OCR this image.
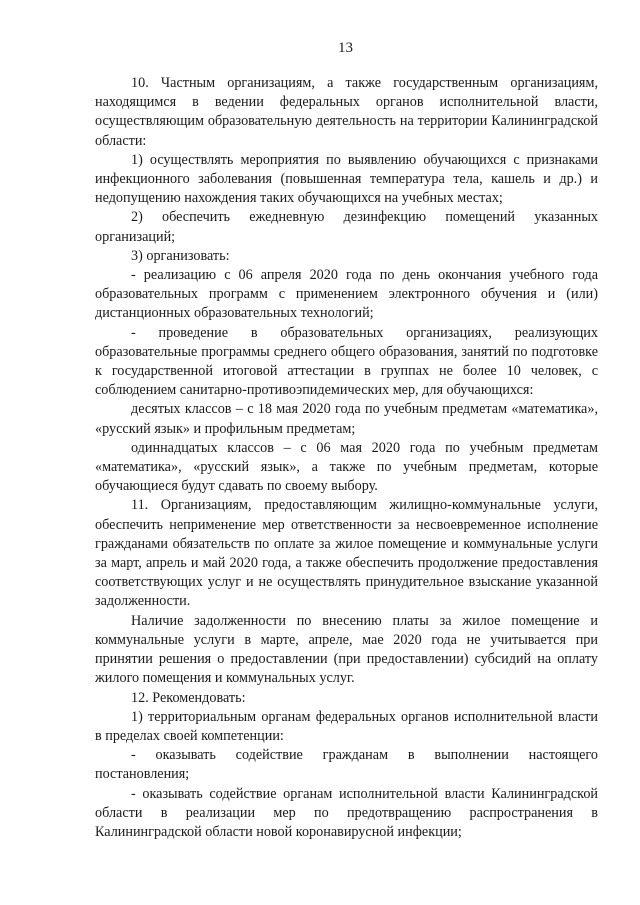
13

10. Частным организациям, а также государственным организациям, находящимся в ведении федеральных органов исполнительной власти, осуществляющим образовательную деятельность на территории Калининградской области:

1) осуществлять мероприятия по выявлению обучающихся с признаками инфекционного заболевания (повышенная температура тела, кашель и др.) и недопущению нахождения таких обучающихся на учебных местах;

2) обеспечить ежедневную дезинфекцию помещений указанных организаций;

3) организовать:

- реализацию с 06 апреля 2020 года по день окончания учебного года образовательных программ с применением электронного обучения и (или) дистанционных образовательных технологий;

- проведение в образовательных организациях, реализующих образовательные программы среднего общего образования, занятий по подготовке к государственной итоговой аттестации в группах не более 10 человек, с соблюдением санитарно-противоэпидемических мер, для обучающихся:

десятых классов – с 18 мая 2020 года по учебным предметам «математика», «русский язык» и профильным предметам;

одиннадцатых классов – с 06 мая 2020 года по учебным предметам «математика», «русский язык», а также по учебным предметам, которые обучающиеся будут сдавать по своему выбору.

11. Организациям, предоставляющим жилищно-коммунальные услуги, обеспечить неприменение мер ответственности за несвоевременное исполнение гражданами обязательств по оплате за жилое помещение и коммунальные услуги за март, апрель и май 2020 года, а также обеспечить продолжение предоставления соответствующих услуг и не осуществлять принудительное взыскание указанной задолженности.

Наличие задолженности по внесению платы за жилое помещение и коммунальные услуги в марте, апреле, мае 2020 года не учитывается при принятии решения о предоставлении (при предоставлении) субсидий на оплату жилого помещения и коммунальных услуг.

12. Рекомендовать:

1) территориальным органам федеральных органов исполнительной власти в пределах своей компетенции:

- оказывать содействие гражданам в выполнении настоящего постановления;

- оказывать содействие органам исполнительной власти Калининградской области в реализации мер по предотвращению распространения в Калининградской области новой коронавирусной инфекции;
